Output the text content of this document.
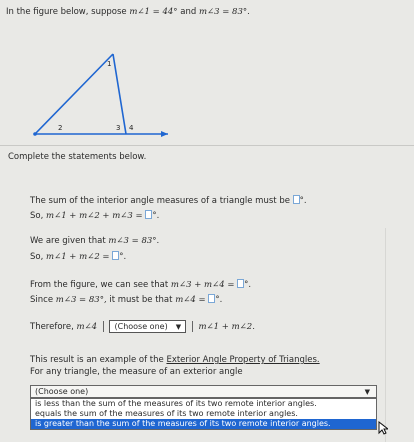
In the figure below, suppose m∠1 = 44° and m∠3 = 83°.
1
2	3 4
Complete the statements below.
The sum of the interior angle measures of a triangle must be °.
So, m∠1 + m∠2 + m∠3 = °.
We are given that m∠3 = 83°.
So, m∠1 + m∠2 = °.
From the figure, we can see that m∠3 + m∠4 = °.
Since m∠3 = 83°, it must be that m∠4 = °.
Therefore, m∠4 (Choose one) ▼ m∠1 + m∠2.
This result is an example of the Exterior Angle Property of Triangles.
For any triangle, the measure of an exterior angle
(Choose one)	▼
is less than the sum of the measures of its two remote interior angles.
equals the sum of the measures of its two remote interior angles.
is greater than the sum of the measures of its two remote interior angles.
